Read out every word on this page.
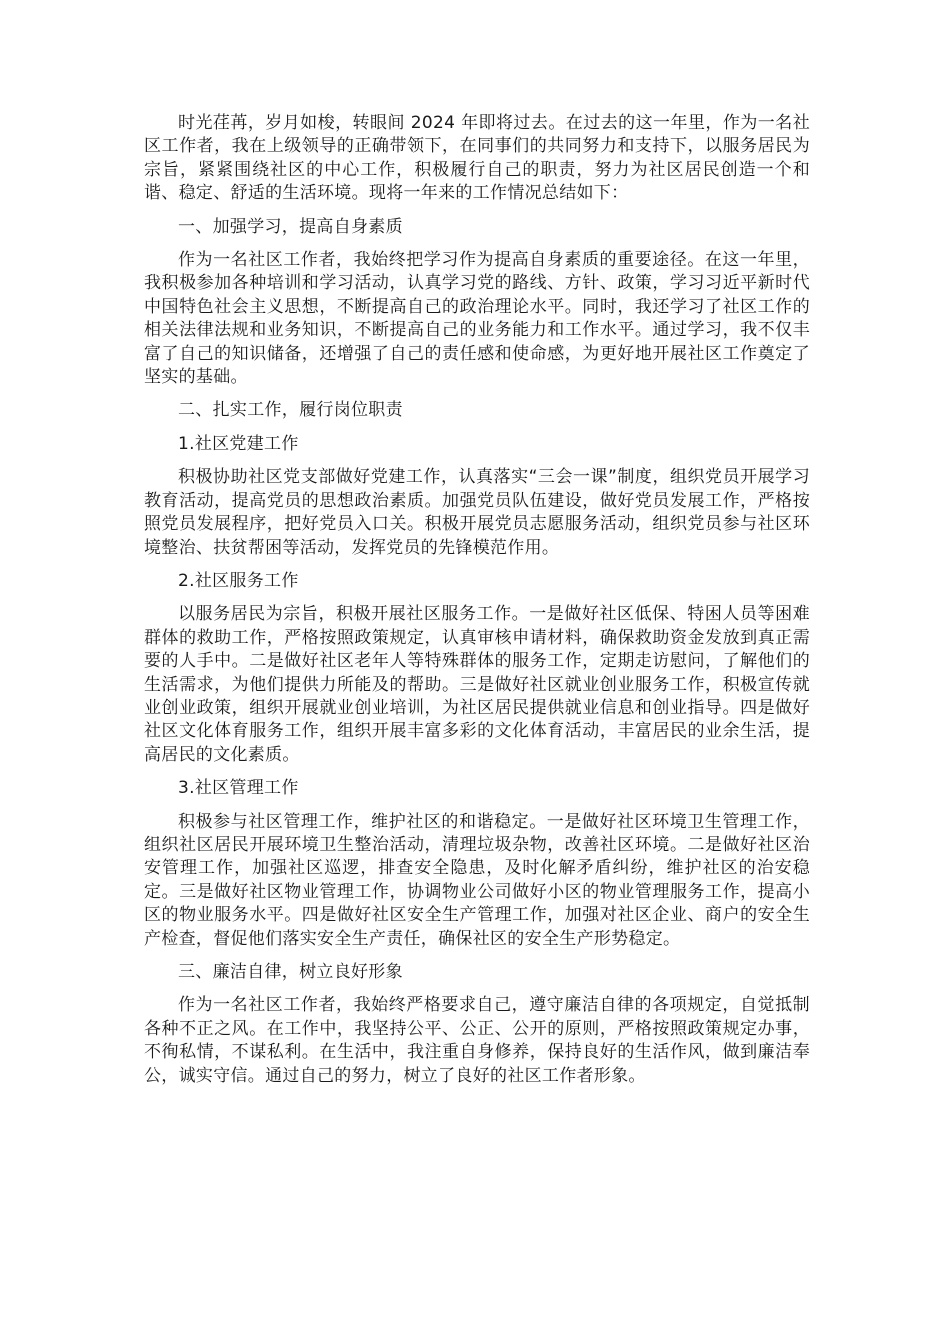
时光荏苒，岁月如梭，转眼间 2024 年即将过去。在过去的这一年里，作为一名社区工作者，我在上级领导的正确带领下，在同事们的共同努力和支持下，以服务居民为宗旨，紧紧围绕社区的中心工作，积极履行自己的职责，努力为社区居民创造一个和谐、稳定、舒适的生活环境。现将一年来的工作情况总结如下：

一、加强学习，提高自身素质

作为一名社区工作者，我始终把学习作为提高自身素质的重要途径。在这一年里，我积极参加各种培训和学习活动，认真学习党的路线、方针、政策，学习习近平新时代中国特色社会主义思想，不断提高自己的政治理论水平。同时，我还学习了社区工作的相关法律法规和业务知识，不断提高自己的业务能力和工作水平。通过学习，我不仅丰富了自己的知识储备，还增强了自己的责任感和使命感，为更好地开展社区工作奠定了坚实的基础。

二、扎实工作，履行岗位职责

1.社区党建工作

积极协助社区党支部做好党建工作，认真落实“三会一课”制度，组织党员开展学习教育活动，提高党员的思想政治素质。加强党员队伍建设，做好党员发展工作，严格按照党员发展程序，把好党员入口关。积极开展党员志愿服务活动，组织党员参与社区环境整治、扶贫帮困等活动，发挥党员的先锋模范作用。

2.社区服务工作

以服务居民为宗旨，积极开展社区服务工作。一是做好社区低保、特困人员等困难群体的救助工作，严格按照政策规定，认真审核申请材料，确保救助资金发放到真正需要的人手中。二是做好社区老年人等特殊群体的服务工作，定期走访慰问，了解他们的生活需求，为他们提供力所能及的帮助。三是做好社区就业创业服务工作，积极宣传就业创业政策，组织开展就业创业培训，为社区居民提供就业信息和创业指导。四是做好社区文化体育服务工作，组织开展丰富多彩的文化体育活动，丰富居民的业余生活，提高居民的文化素质。

3.社区管理工作

积极参与社区管理工作，维护社区的和谐稳定。一是做好社区环境卫生管理工作，组织社区居民开展环境卫生整治活动，清理垃圾杂物，改善社区环境。二是做好社区治安管理工作，加强社区巡逻，排查安全隐患，及时化解矛盾纠纷，维护社区的治安稳定。三是做好社区物业管理工作，协调物业公司做好小区的物业管理服务工作，提高小区的物业服务水平。四是做好社区安全生产管理工作，加强对社区企业、商户的安全生产检查，督促他们落实安全生产责任，确保社区的安全生产形势稳定。

三、廉洁自律，树立良好形象

作为一名社区工作者，我始终严格要求自己，遵守廉洁自律的各项规定，自觉抵制各种不正之风。在工作中，我坚持公平、公正、公开的原则，严格按照政策规定办事，不徇私情，不谋私利。在生活中，我注重自身修养，保持良好的生活作风，做到廉洁奉公，诚实守信。通过自己的努力，树立了良好的社区工作者形象。
